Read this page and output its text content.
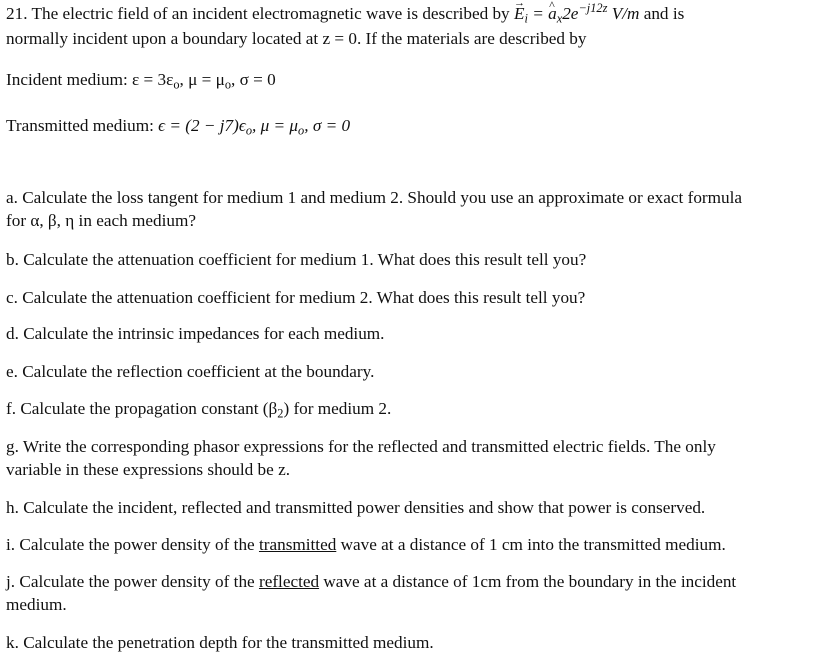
21. The electric field of an incident electromagnetic wave is described by → $E_i$ = ^ $a_x2e^{-j12z}$ V/m and is
normally incident upon a boundary located at z = 0. If the materials are described by
Incident medium: $\varepsilon = 3\varepsilon_o$, $\mu = \mu_o$, σ = 0
Transmitted medium: $\epsilon = (2 - j7)\epsilon_o$, $\mu = \mu_o$, σ = 0
a. Calculate the loss tangent for medium 1 and medium 2. Should you use an approximate or exact formula
for α, β, η in each medium?
b. Calculate the attenuation coefficient for medium 1. What does this result tell you?
c. Calculate the attenuation coefficient for medium 2. What does this result tell you?
d. Calculate the intrinsic impedances for each medium.
e. Calculate the reflection coefficient at the boundary.
f. Calculate the propagation constant $(\beta_2)$ for medium 2.
g. Write the corresponding phasor expressions for the reflected and transmitted electric fields. The only
variable in these expressions should be z.
h. Calculate the incident, reflected and transmitted power densities and show that power is conserved.
i. Calculate the power density of the transmitted wave at a distance of 1 cm into the transmitted medium.
j. Calculate the power density of the reflected wave at a distance of 1cm from the boundary in the incident
medium.
k. Calculate the penetration depth for the transmitted medium.
